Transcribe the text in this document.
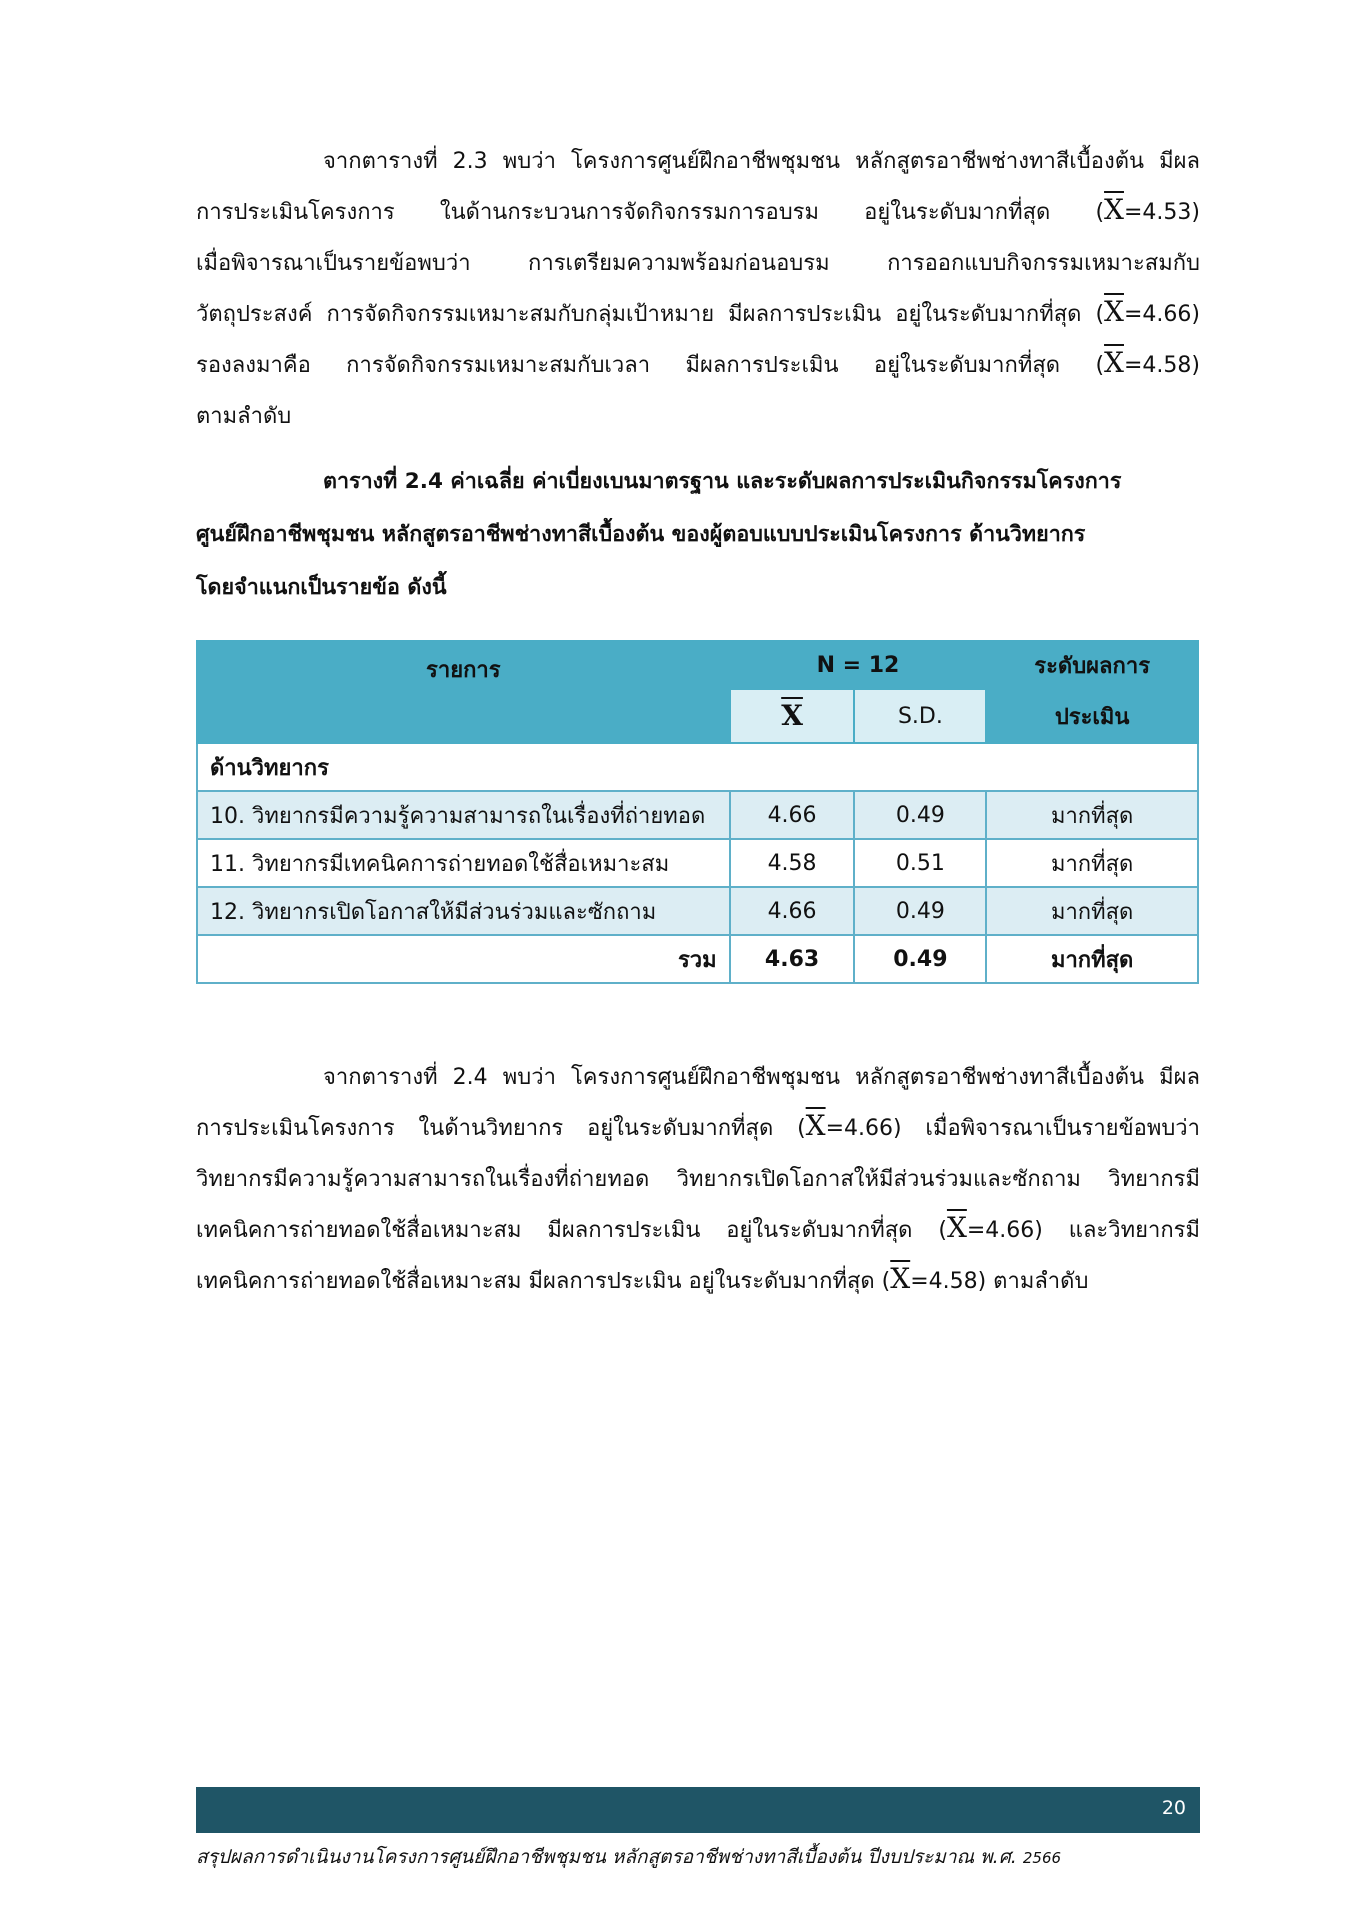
จากตารางที่ 2.3 พบว่า โครงการศูนย์ฝึกอาชีพชุมชน หลักสูตรอาชีพช่างทาสีเบื้องต้น มีผล
การประเมินโครงการ ในด้านกระบวนการจัดกิจกรรมการอบรม อยู่ในระดับมากที่สุด $(\overline{X}=4.53)$
เมื่อพิจารณาเป็นรายข้อพบว่า การเตรียมความพร้อมก่อนอบรม การออกแบบกิจกรรมเหมาะสมกับ
วัตถุประสงค์ การจัดกิจกรรมเหมาะสมกับกลุ่มเป้าหมาย มีผลการประเมิน อยู่ในระดับมากที่สุด $(\overline{X}=4.66)$
รองลงมาคือ การจัดกิจกรรมเหมาะสมกับเวลา มีผลการประเมิน อยู่ในระดับมากที่สุด $(\overline{X}=4.58)$
ตามลำดับ
ตารางที่ 2.4 ค่าเฉลี่ย ค่าเบี่ยงเบนมาตรฐาน และระดับผลการประเมินกิจกรรมโครงการ
ศูนย์ฝึกอาชีพชุมชน หลักสูตรอาชีพช่างทาสีเบื้องต้น ของผู้ตอบแบบประเมินโครงการ ด้านวิทยากร
โดยจำแนกเป็นรายข้อ ดังนี้
รายการ	N = 12		ระดับผลการ
	$\overline{X}$	S.D.	ประเมิน
ด้านวิทยากร			
10. วิทยากรมีความรู้ความสามารถในเรื่องที่ถ่ายทอด	4.66	0.49	มากที่สุด
11. วิทยากรมีเทคนิคการถ่ายทอดใช้สื่อเหมาะสม	4.58	0.51	มากที่สุด
12. วิทยากรเปิดโอกาสให้มีส่วนร่วมและซักถาม	4.66	0.49	มากที่สุด
รวม	4.63	0.49	มากที่สุด
จากตารางที่ 2.4 พบว่า โครงการศูนย์ฝึกอาชีพชุมชน หลักสูตรอาชีพช่างทาสีเบื้องต้น มีผล
การประเมินโครงการ ในด้านวิทยากร อยู่ในระดับมากที่สุด $(\overline{X}=4.66)$ เมื่อพิจารณาเป็นรายข้อพบว่า
วิทยากรมีความรู้ความสามารถในเรื่องที่ถ่ายทอด วิทยากรเปิดโอกาสให้มีส่วนร่วมและซักถาม วิทยากรมี
เทคนิคการถ่ายทอดใช้สื่อเหมาะสม มีผลการประเมิน อยู่ในระดับมากที่สุด $(\overline{X}=4.66)$ และวิทยากรมี
เทคนิคการถ่ายทอดใช้สื่อเหมาะสม มีผลการประเมิน อยู่ในระดับมากที่สุด $(\overline{X}=4.58)$ ตามลำดับ
20
สรุปผลการดำเนินงานโครงการศูนย์ฝึกอาชีพชุมชน หลักสูตรอาชีพช่างทาสีเบื้องต้น ปีงบประมาณ พ.ศ. 2566
